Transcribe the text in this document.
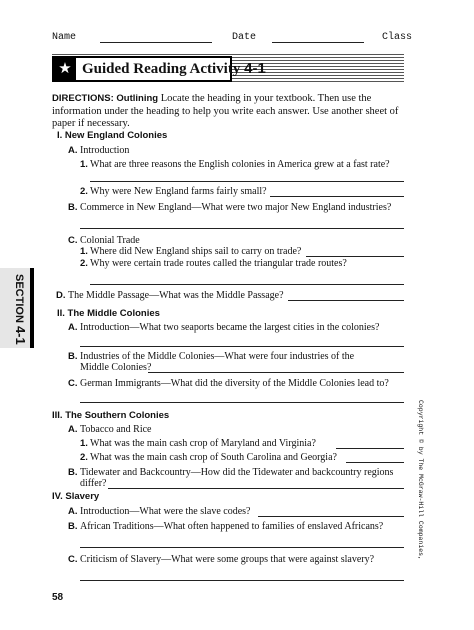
Name	Date	Class
★ Guided Reading Activity 4-1
DIRECTIONS: Outlining Locate the heading in your textbook. Then use the information under the heading to help you write each answer. Use another sheet of paper if necessary.
I. New England Colonies
A. Introduction
1. What are three reasons the English colonies in America grew at a fast rate?
2. Why were New England farms fairly small?
B. Commerce in New England—What were two major New England industries?
C. Colonial Trade
1. Where did New England ships sail to carry on trade?
2. Why were certain trade routes called the triangular trade routes?
D. The Middle Passage—What was the Middle Passage?
II. The Middle Colonies
A. Introduction—What two seaports became the largest cities in the colonies?
B. Industries of the Middle Colonies—What were four industries of the
Middle Colonies?
C. German Immigrants—What did the diversity of the Middle Colonies lead to?
III. The Southern Colonies
A. Tobacco and Rice
1. What was the main cash crop of Maryland and Virginia?
2. What was the main cash crop of South Carolina and Georgia?
B. Tidewater and Backcountry—How did the Tidewater and backcountry regions
differ?
IV. Slavery
A. Introduction—What were the slave codes?
B. African Traditions—What often happened to families of enslaved Africans?
C. Criticism of Slavery—What were some groups that were against slavery?
SECTION 4-1
Copyright © by The McGraw-Hill Companies,
58
